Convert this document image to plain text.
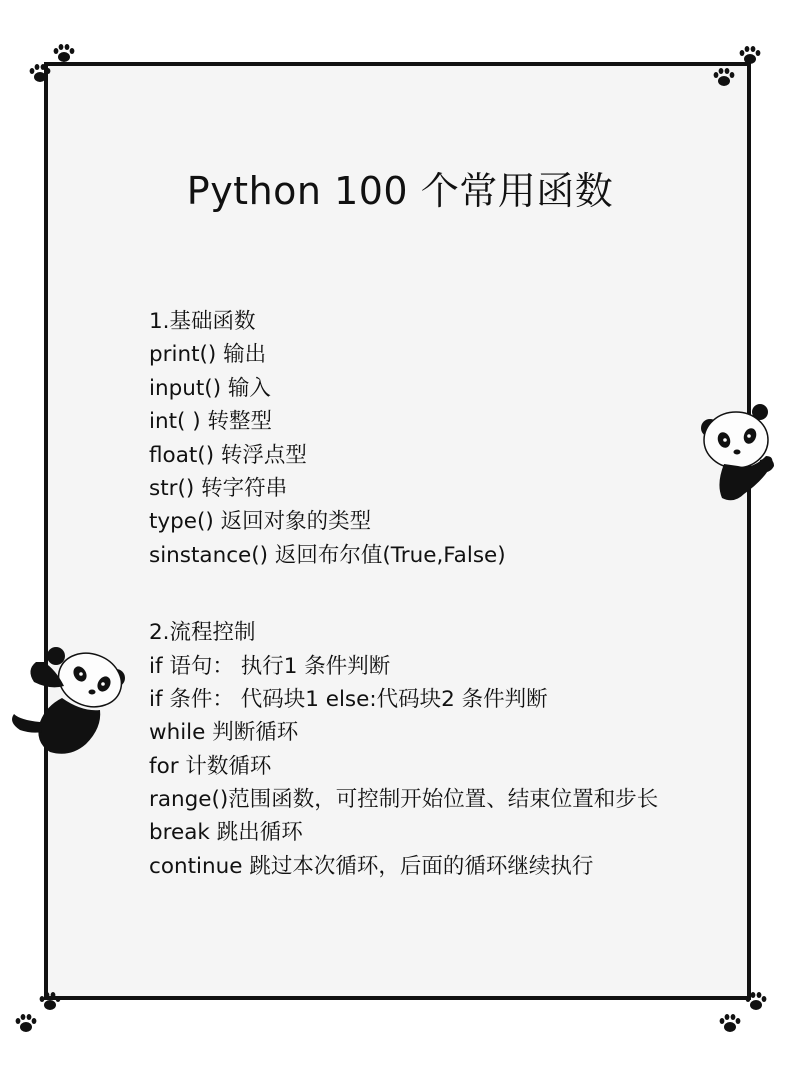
Python 100 个常用函数
1.基础函数
print() 输出
input() 输入
int( ) 转整型
float() 转浮点型
str() 转字符串
type() 返回对象的类型
sinstance() 返回布尔值(True,False)
2.流程控制
if 语句： 执行1 条件判断
if 条件： 代码块1 else:代码块2 条件判断
while 判断循环
for 计数循环
range()范围函数，可控制开始位置、结束位置和步长
break 跳出循环
continue 跳过本次循环，后面的循环继续执行
